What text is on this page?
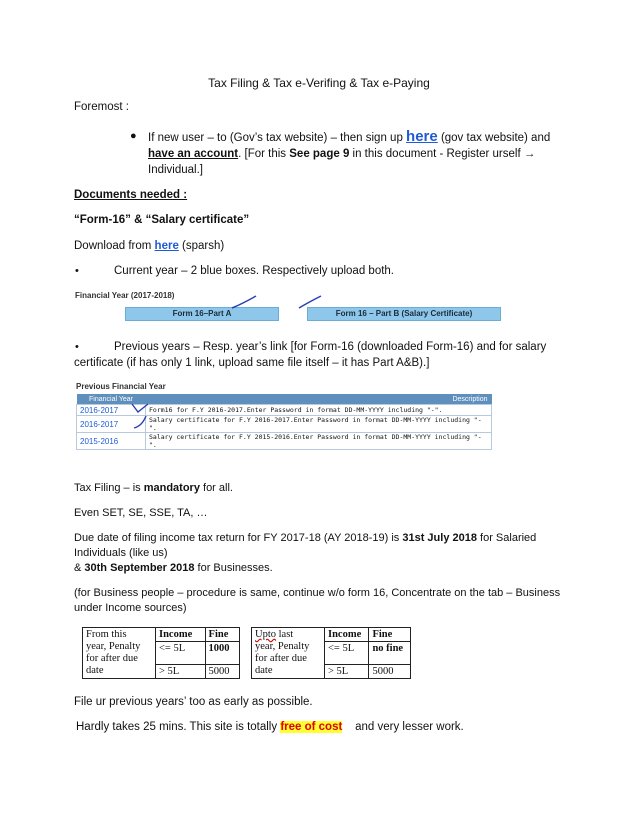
Tax Filing & Tax e-Verifing & Tax e-Paying
Foremost :
● If new user – to (Gov’s tax website) – then sign up here (gov tax website) and
have an account. [For this See page 9 in this document - Register urself →
Individual.]
Documents needed :
“Form-16” & “Salary certificate”
Download from here (sparsh)
•	Current year – 2 blue boxes. Respectively upload both.
Financial Year (2017-2018)
Form 16–Part A	Form 16 – Part B (Salary Certificate)
•	Previous years – Resp. year’s link [for Form-16 (downloaded Form-16) and for salary
certificate (if has only 1 link, upload same file itself – it has Part A&B).]
Previous Financial Year
Financial Year	Description
2016-2017	Form16 for F.Y 2016-2017.Enter Password in format DD-MM-YYYY including "-".
2016-2017	Salary certificate for F.Y 2016-2017.Enter Password in format DD-MM-YYYY including "-".
2015-2016	Salary certificate for F.Y 2015-2016.Enter Password in format DD-MM-YYYY including "-".
Tax Filing – is mandatory for all.
Even SET, SE, SSE, TA, …
Due date of filing income tax return for FY 2017-18 (AY 2018-19) is 31st July 2018 for Salaried
Individuals (like us)
& 30th September 2018 for Businesses.
(for Business people – procedure is same, continue w/o form 16, Concentrate on the tab – Business
under Income sources)
From this
year, Penalty
for after due
date	Income	Fine
	<= 5L	1000
	> 5L	5000
Upto last
year, Penalty
for after due
date	Income	Fine
	<= 5L	no fine
	> 5L	5000
File ur previous years’ too as early as possible.
Hardly takes 25 mins. This site is totally free of cost    and very lesser work.
